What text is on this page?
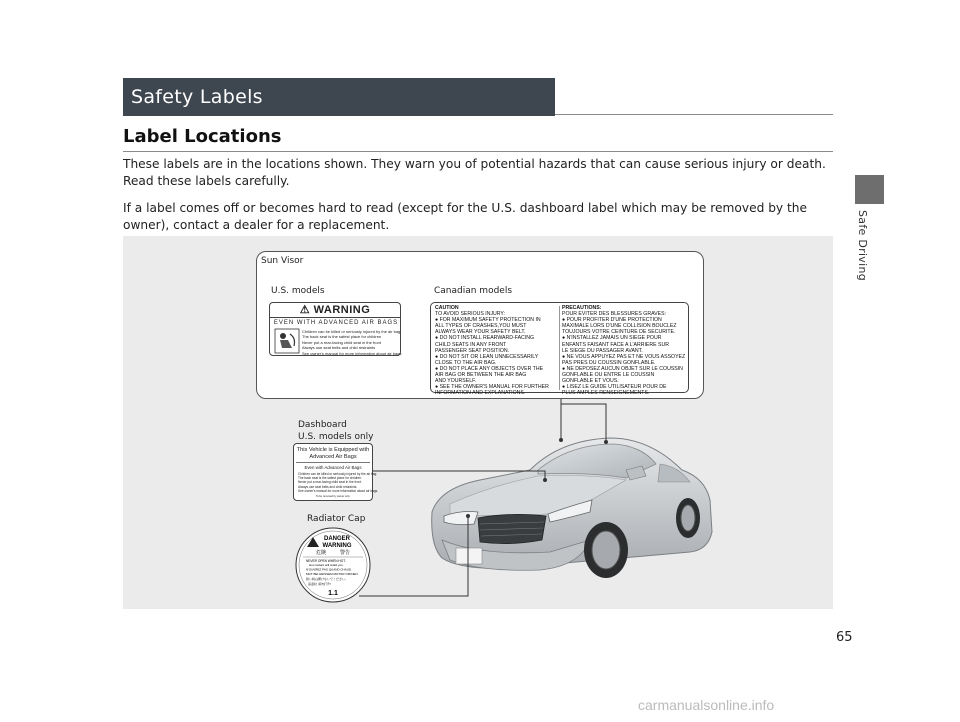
Safe Driving
Safety Labels
Label Locations

These labels are in the locations shown. They warn you of potential hazards that can cause serious injury or death. Read these labels carefully.

If a label comes off or becomes hard to read (except for the U.S. dashboard label which may be removed by the owner), contact a dealer for a replacement.

Sun Visor
U.S. models	Canadian models
⚠ WARNING
EVEN WITH ADVANCED AIR BAGS
Children can be killed or seriously injured by the air bag
The back seat is the safest place for children
Never put a rear-facing child seat in the front
Always use seat belts and child restraints
See owner's manual for more information about air bags
CAUTION
TO AVOID SERIOUS INJURY:
● FOR MAXIMUM SAFETY PROTECTION IN
ALL TYPES OF CRASHES,YOU MUST
ALWAYS WEAR YOUR SAFETY BELT.
● DO NOT INSTALL REARWARD-FACING
CHILD SEATS IN ANY FRONT
PASSENGER SEAT POSITION.
● DO NOT SIT OR LEAN UNNECESSARILY
CLOSE TO THE AIR BAG.
● DO NOT PLACE ANY OBJECTS OVER THE
AIR BAG OR BETWEEN THE AIR BAG
AND YOURSELF.
● SEE THE OWNER'S MANUAL FOR FURTHER
INFORMATION AND EXPLANATIONS.
PRECAUTIONS:
POUR EVITER DES BLESSURES GRAVES:
● POUR PROFITER D'UNE PROTECTION
MAXIMALE LORS D'UNE COLLISION BOUCLEZ
TOUJOURS VOTRE CEINTURE DE SECURITE.
● N'INSTALLEZ JAMAIS UN SIEGE POUR
ENFANTS FAISANT FACE A L'ARRIERE SUR
LE SIEGE DU PASSAGER AVANT.
● NE VOUS APPUYEZ PAS ET NE VOUS ASSOYEZ
PAS PRES DU COUSSIN GONFLABLE.
● NE DEPOSEZ AUCUN OBJET SUR LE COUSSIN
GONFLABLE OU ENTRE LE COUSSIN
GONFLABLE ET VOUS.
● LISEZ LE GUIDE UTILISATEUR POUR DE
PLUS AMPLES RENSEIGNEMENTS.
Dashboard
U.S. models only
This Vehicle is Equipped with
Advanced Air Bags
Even with Advanced Air Bags
Children can be killed or seriously injured by the air bag.
The back seat is the safest place for children.
Never put a rear-facing child seat in the front.
Always use seat belts and child restraints.
See owner's manual for more information about air bags.
To be removed by owner only.
Radiator Cap
DANGER
WARNING
危険	警告
NEVER OPEN WHEN HOT.
Hot coolant will scald you.
N'OUVREZ PAS QUAND CHAUD.
MOT BEI HEISSEM MOTOR OFFNEN.
熱い時は開けないでください。
高温时 请勿打开!
1.1
65
carmanualsonline.info
